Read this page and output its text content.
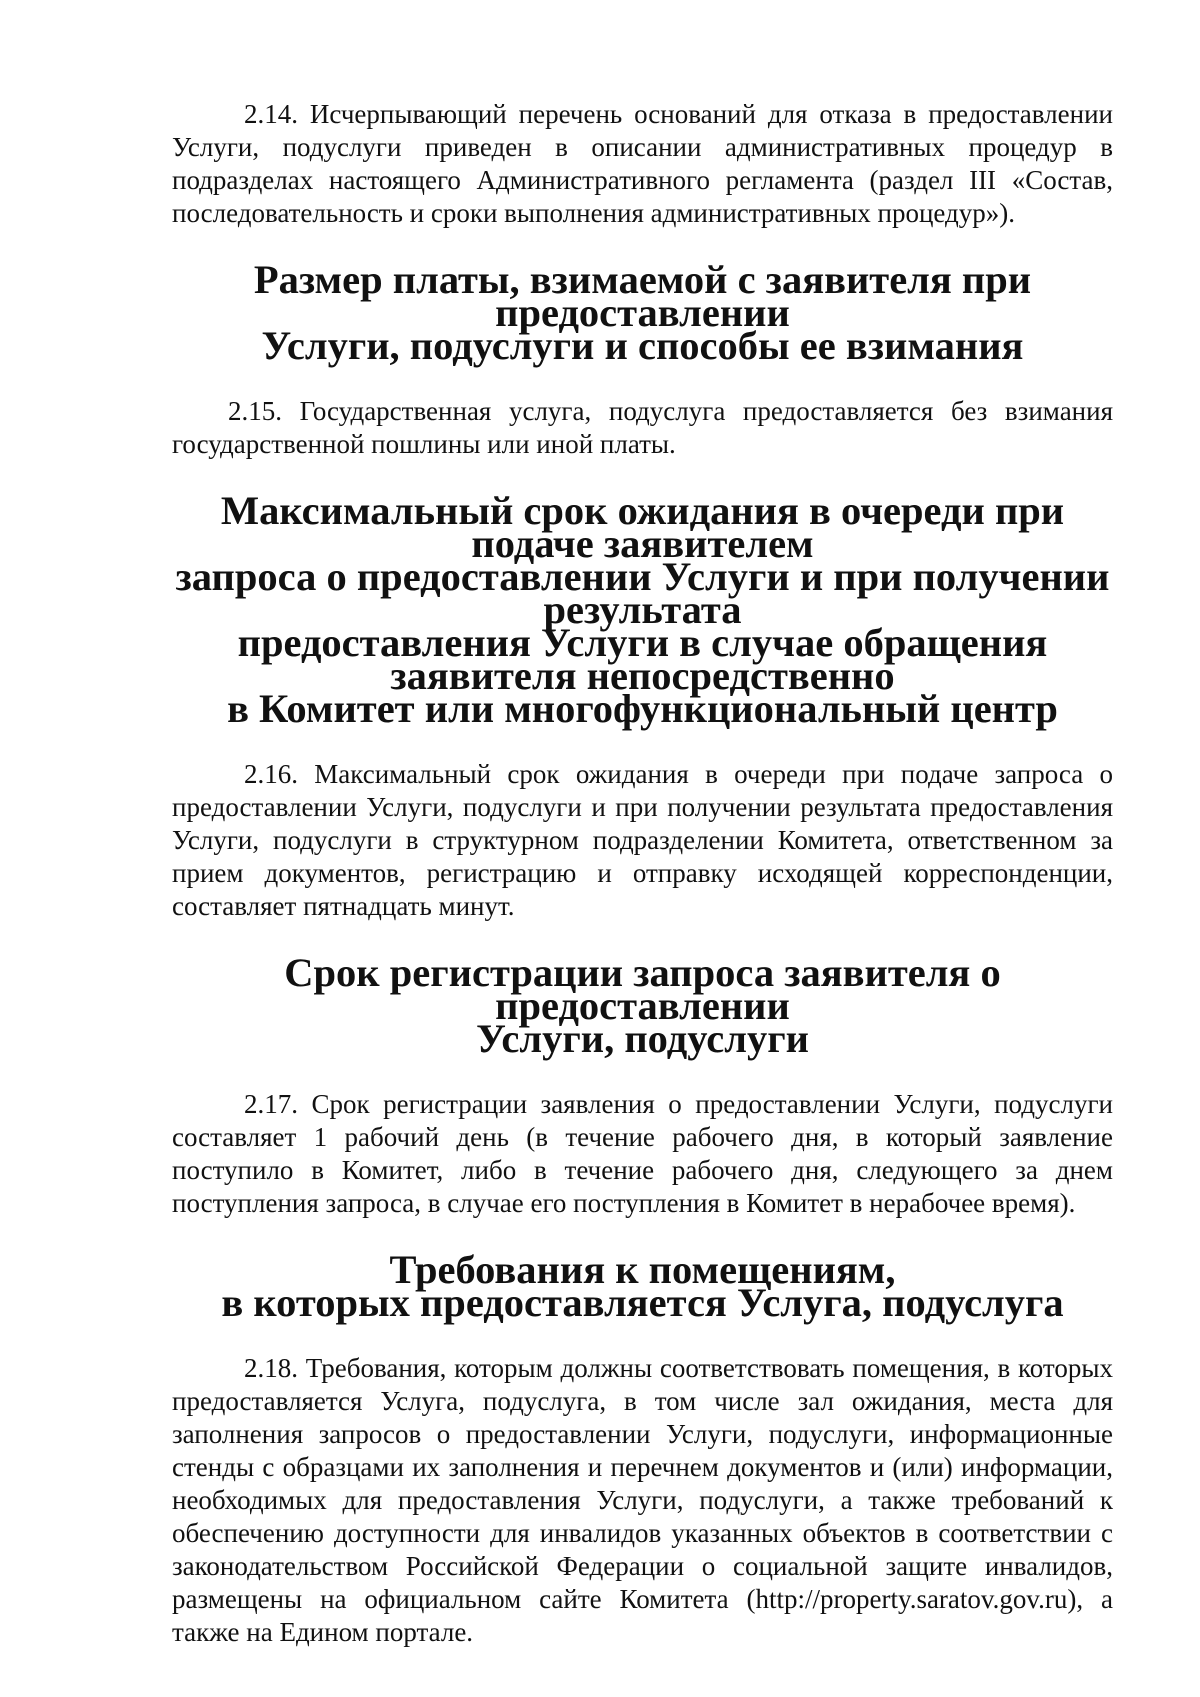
2.14. Исчерпывающий перечень оснований для отказа в предоставлении Услуги, подуслуги приведен в описании административных процедур в подразделах настоящего Административного регламента (раздел III «Состав, последовательность и сроки выполнения административных процедур»).

Размер платы, взимаемой с заявителя при предоставлении
Услуги, подуслуги и способы ее взимания

2.15. Государственная услуга, подуслуга предоставляется без взимания государственной пошлины или иной платы.

Максимальный срок ожидания в очереди при подаче заявителем
запроса о предоставлении Услуги и при получении результата
предоставления Услуги в случае обращения заявителя непосредственно
в Комитет или многофункциональный центр

2.16. Максимальный срок ожидания в очереди при подаче запроса о предоставлении Услуги, подуслуги и при получении результата предоставления Услуги, подуслуги в структурном подразделении Комитета, ответственном за прием документов, регистрацию и отправку исходящей корреспонденции, составляет пятнадцать минут.

Срок регистрации запроса заявителя о предоставлении
Услуги, подуслуги

2.17. Срок регистрации заявления о предоставлении Услуги, подуслуги составляет 1 рабочий день (в течение рабочего дня, в который заявление поступило в Комитет, либо в течение рабочего дня, следующего за днем поступления запроса, в случае его поступления в Комитет в нерабочее время).

Требования к помещениям,
в которых предоставляется Услуга, подуслуга

2.18. Требования, которым должны соответствовать помещения, в которых предоставляется Услуга, подуслуга, в том числе зал ожидания, места для заполнения запросов о предоставлении Услуги, подуслуги, информационные стенды с образцами их заполнения и перечнем документов и (или) информации, необходимых для предоставления Услуги, подуслуги, а также требований к обеспечению доступности для инвалидов указанных объектов в соответствии с законодательством Российской Федерации о социальной защите инвалидов, размещены на официальном сайте Комитета (http://property.saratov.gov.ru), а также на Едином портале.
